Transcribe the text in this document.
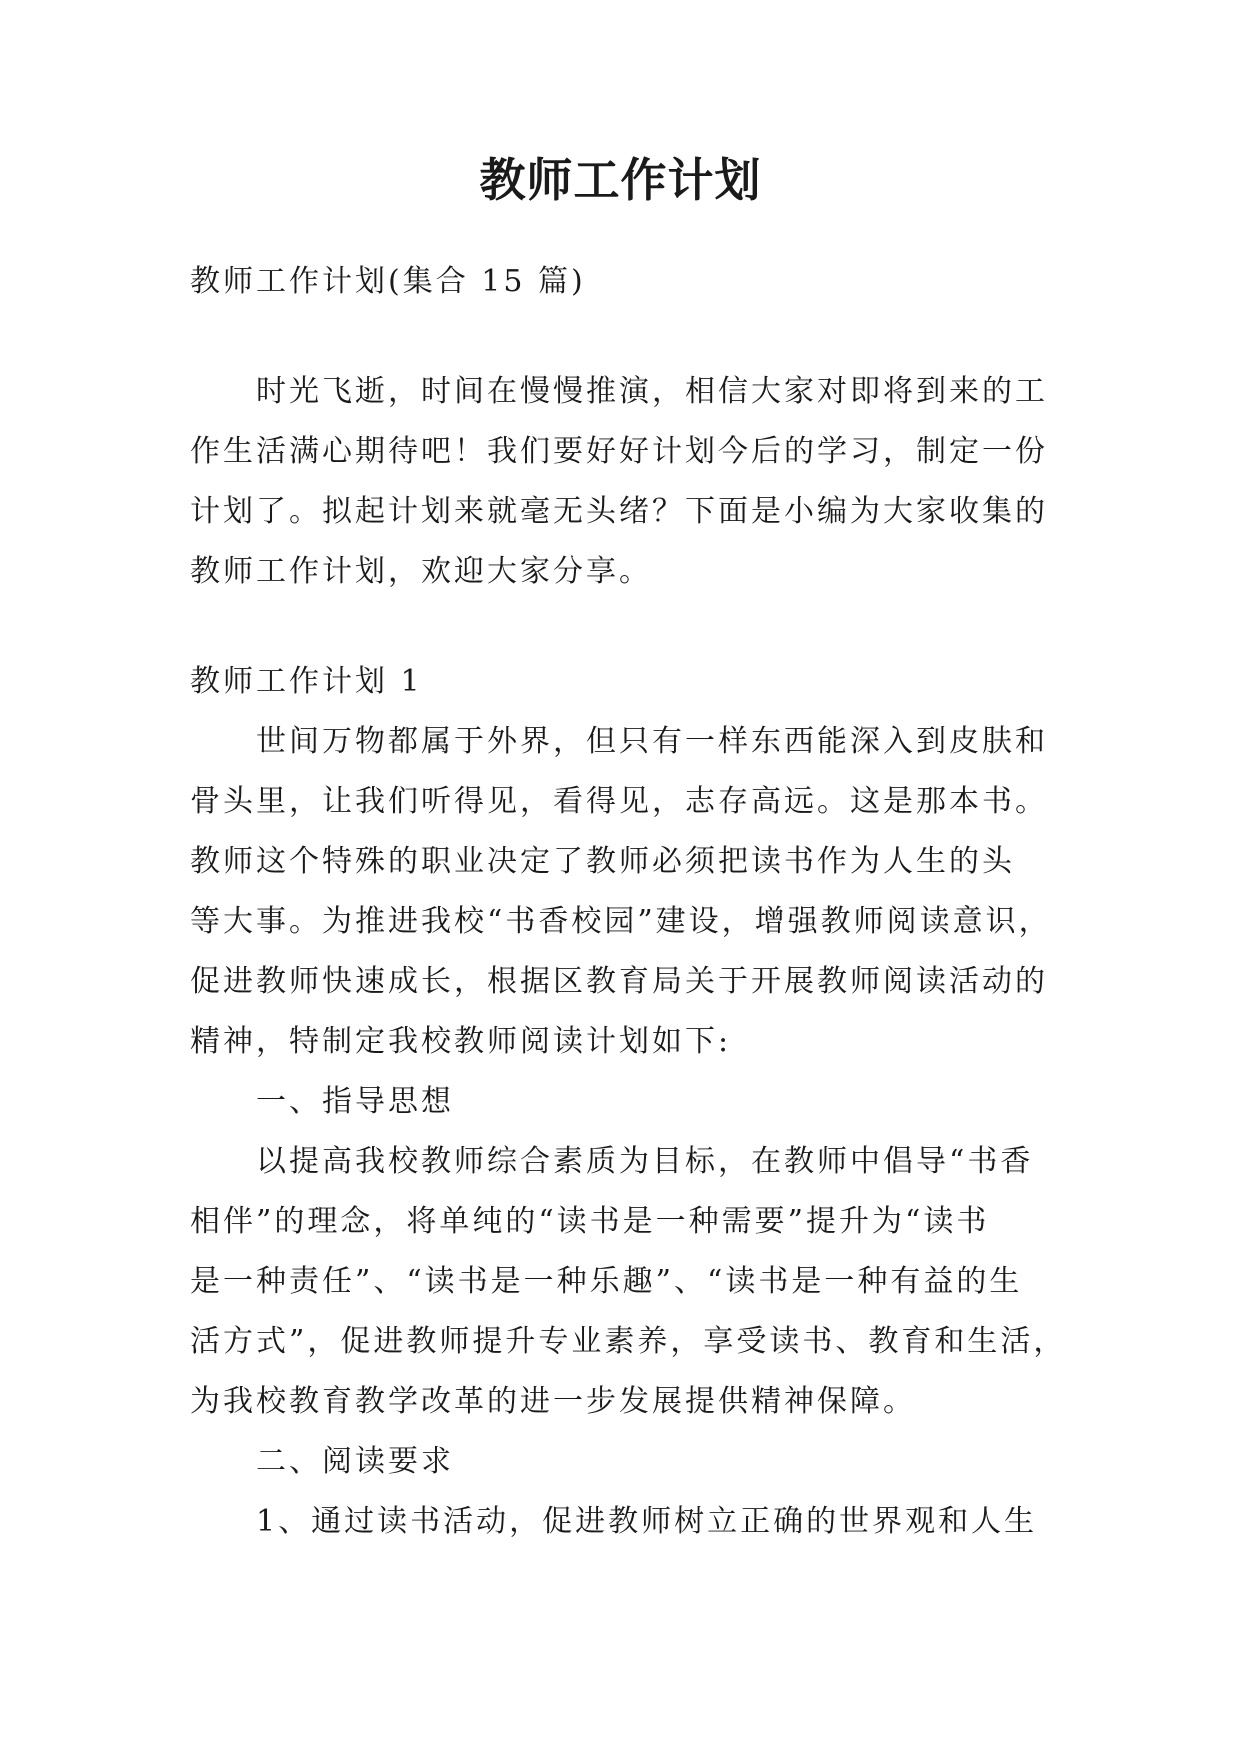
教师工作计划
教师工作计划(集合 15 篇)
时光飞逝，时间在慢慢推演，相信大家对即将到来的工
作生活满心期待吧！我们要好好计划今后的学习，制定一份
计划了。拟起计划来就毫无头绪？下面是小编为大家收集的
教师工作计划，欢迎大家分享。
教师工作计划 1
世间万物都属于外界，但只有一样东西能深入到皮肤和
骨头里，让我们听得见，看得见，志存高远。这是那本书。
教师这个特殊的职业决定了教师必须把读书作为人生的头
等大事。为推进我校“书香校园”建设，增强教师阅读意识，
促进教师快速成长，根据区教育局关于开展教师阅读活动的
精神，特制定我校教师阅读计划如下:
一、指导思想
以提高我校教师综合素质为目标，在教师中倡导“书香
相伴”的理念，将单纯的“读书是一种需要”提升为“读书
是一种责任”、“读书是一种乐趣”、“读书是一种有益的生
活方式”，促进教师提升专业素养，享受读书、教育和生活，
为我校教育教学改革的进一步发展提供精神保障。
二、阅读要求
1、通过读书活动，促进教师树立正确的世界观和人生
